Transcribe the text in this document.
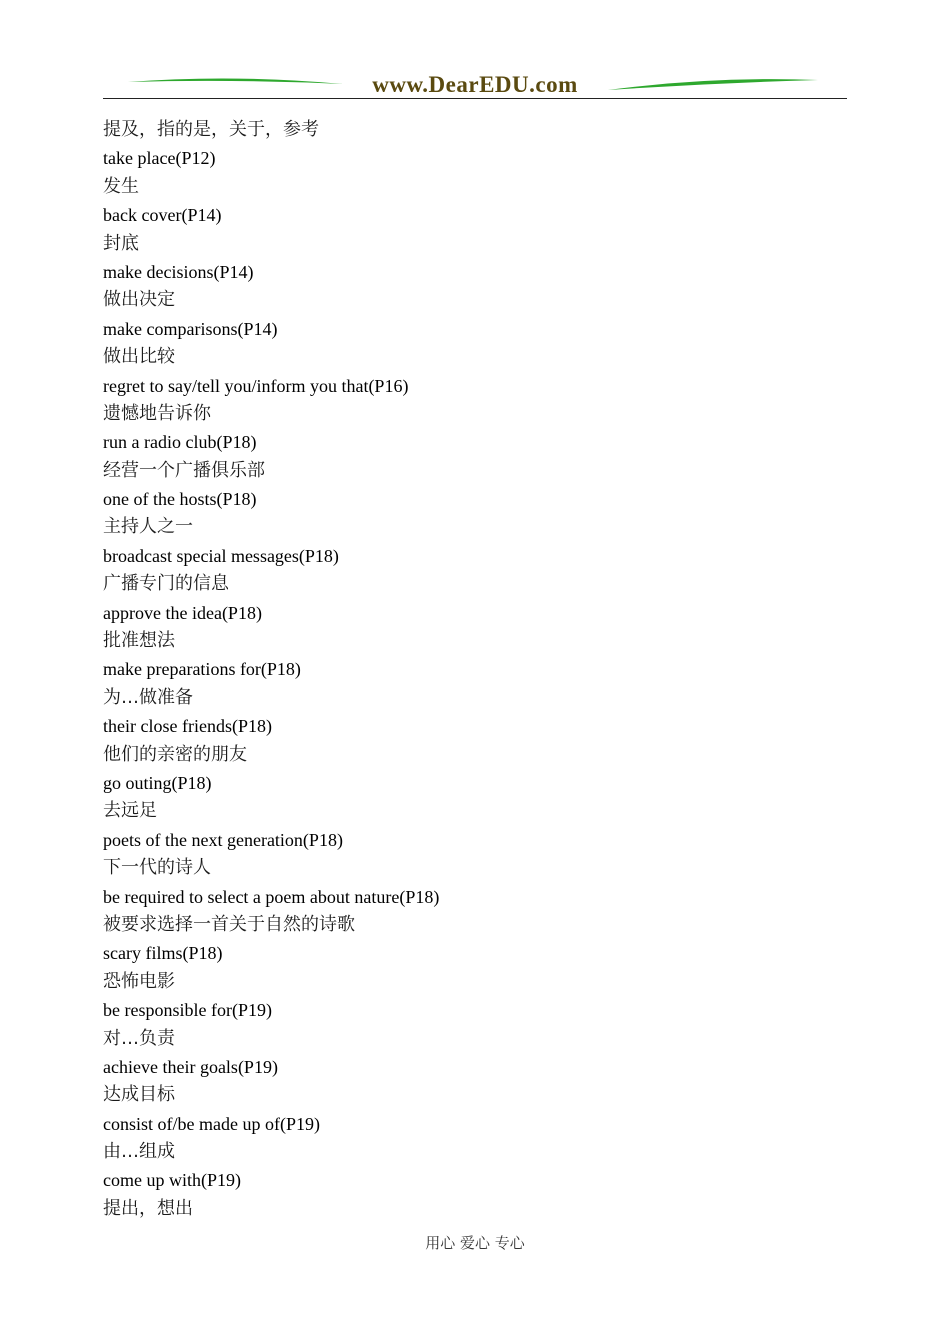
www.DearEDU.com
提及，指的是，关于，参考
take place(P12)
发生
back cover(P14)
封底
make decisions(P14)
做出决定
make comparisons(P14)
做出比较
regret to say/tell you/inform you that(P16)
遗憾地告诉你
run a radio club(P18)
经营一个广播俱乐部
one of the hosts(P18)
主持人之一
broadcast special messages(P18)
广播专门的信息
approve the idea(P18)
批准想法
make preparations for(P18)
为…做准备
their close friends(P18)
他们的亲密的朋友
go outing(P18)
去远足
poets of the next generation(P18)
下一代的诗人
be required to select a poem about nature(P18)
被要求选择一首关于自然的诗歌
scary films(P18)
恐怖电影
be responsible for(P19)
对…负责
achieve their goals(P19)
达成目标
consist of/be made up of(P19)
由…组成
come up with(P19)
提出，想出
用心 爱心 专心
